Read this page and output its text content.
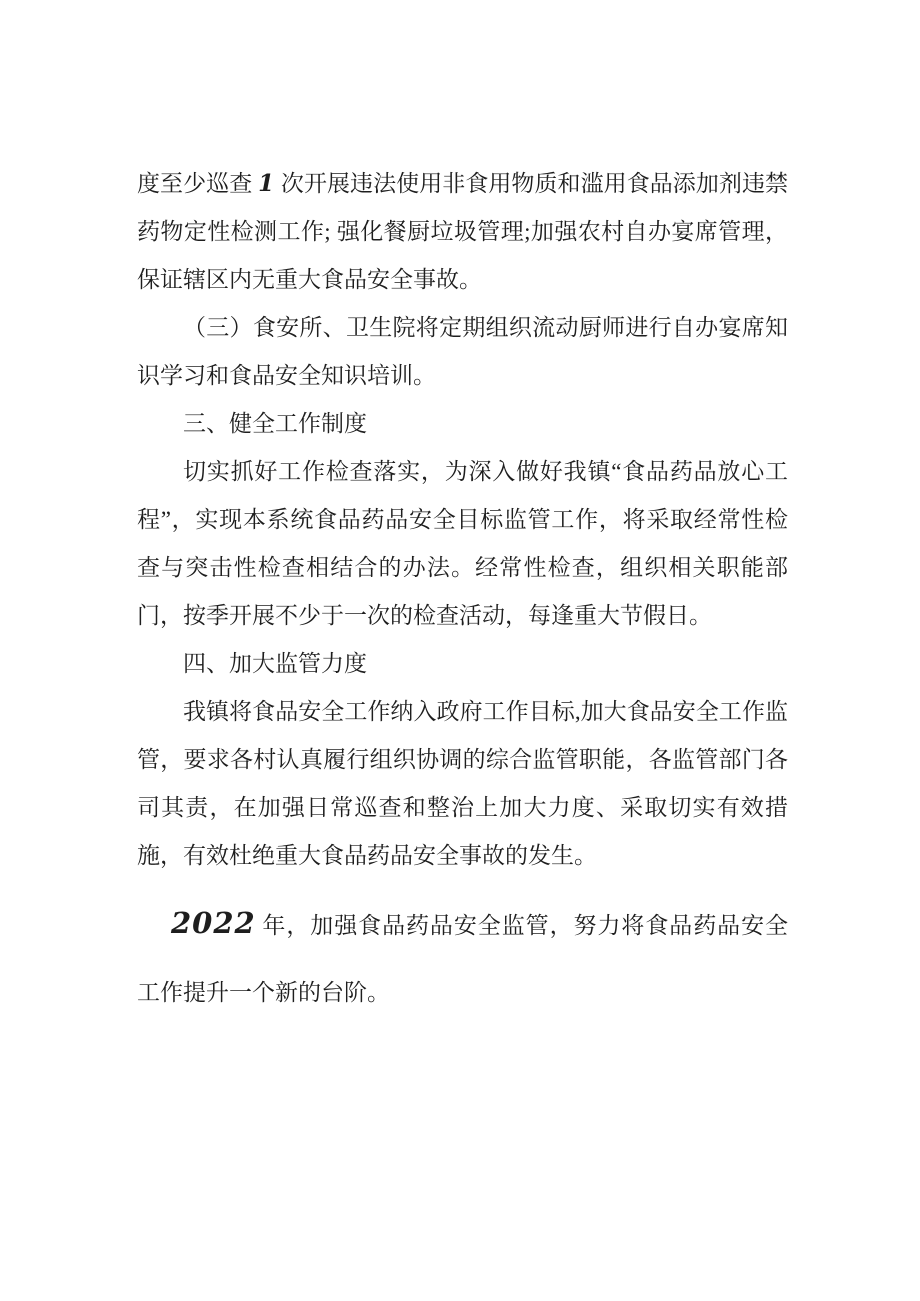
度至少巡查 1 次开展违法使用非食用物质和滥用食品添加剂违禁药物定性检测工作; 强化餐厨垃圾管理;加强农村自办宴席管理，保证辖区内无重大食品安全事故。

（三）食安所、卫生院将定期组织流动厨师进行自办宴席知识学习和食品安全知识培训。

三、健全工作制度

切实抓好工作检查落实，为深入做好我镇“食品药品放心工程”，实现本系统食品药品安全目标监管工作，将采取经常性检查与突击性检查相结合的办法。经常性检查，组织相关职能部门，按季开展不少于一次的检查活动，每逢重大节假日。

四、加大监管力度

我镇将食品安全工作纳入政府工作目标,加大食品安全工作监管，要求各村认真履行组织协调的综合监管职能，各监管部门各司其责，在加强日常巡查和整治上加大力度、采取切实有效措施，有效杜绝重大食品药品安全事故的发生。

2022 年，加强食品药品安全监管，努力将食品药品安全工作提升一个新的台阶。
